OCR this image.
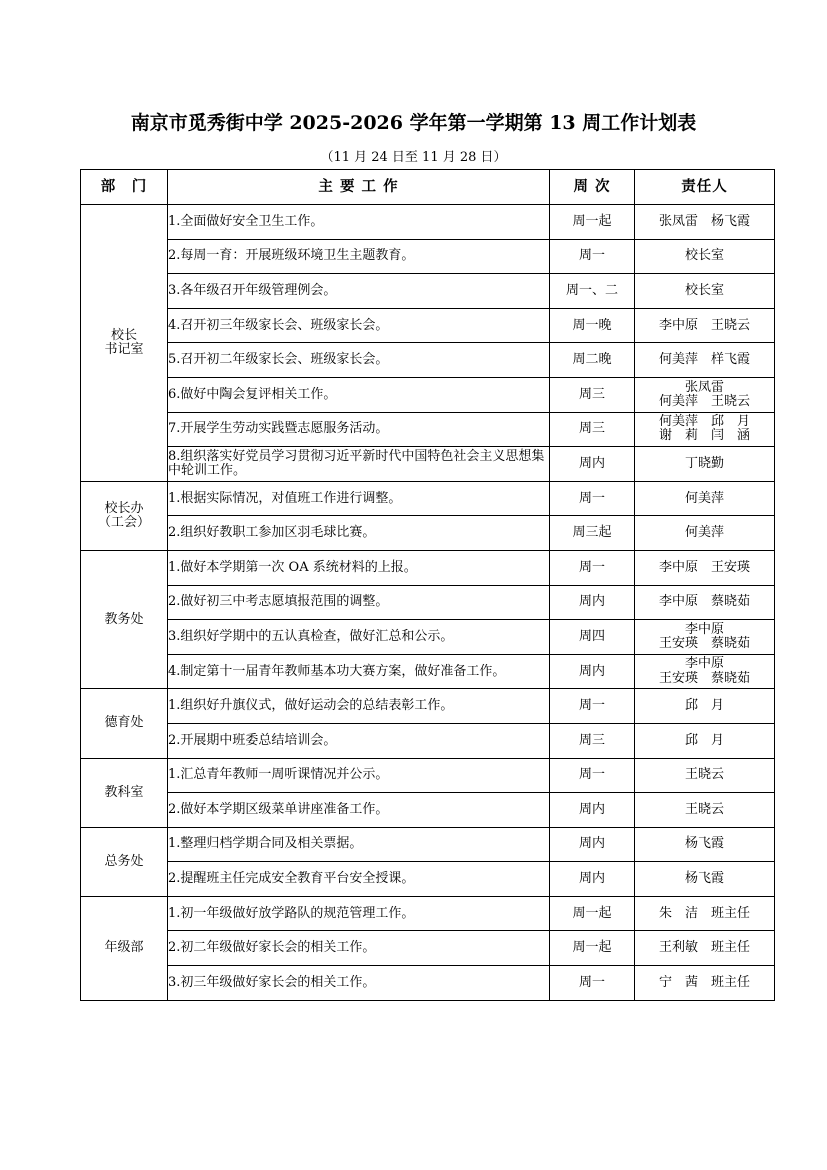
南京市觅秀街中学 2025-2026 学年第一学期第 13 周工作计划表
（11 月 24 日至 11 月 28 日）
部　门	主 要 工 作	周 次	责任人

校长
书记室	1.全面做好安全卫生工作。	周一起	张凤雷　杨飞霞

	2.每周一育：开展班级环境卫生主题教育。	周一	校长室

	3.各年级召开年级管理例会。	周一、二	校长室

	4.召开初三年级家长会、班级家长会。	周一晚	李中原　王晓云

	5.召开初二年级家长会、班级家长会。	周二晚	何美萍　样飞霞

	6.做好中陶会复评相关工作。	周三	张凤雷
何美萍　王晓云

	7.开展学生劳动实践暨志愿服务活动。	周三	何美萍　邱　月
谢　莉　闫　涵

	8.组织落实好党员学习贯彻习近平新时代中国特色社会主义思想集中轮训工作。	周内	丁晓勤

校长办
（工会）	1.根据实际情况，对值班工作进行调整。	周一	何美萍

	2.组织好教职工参加区羽毛球比赛。	周三起	何美萍

教务处	1.做好本学期第一次 OA 系统材料的上报。	周一	李中原　王安瑛

	2.做好初三中考志愿填报范围的调整。	周内	李中原　蔡晓茹

	3.组织好学期中的五认真检查，做好汇总和公示。	周四	李中原
王安瑛　蔡晓茹

	4.制定第十一届青年教师基本功大赛方案，做好准备工作。	周内	李中原
王安瑛　蔡晓茹

德育处	1.组织好升旗仪式，做好运动会的总结表彰工作。	周一	邱　月

	2.开展期中班委总结培训会。	周三	邱　月

教科室	1.汇总青年教师一周听课情况并公示。	周一	王晓云

	2.做好本学期区级菜单讲座准备工作。	周内	王晓云

总务处	1.整理归档学期合同及相关票据。	周内	杨飞霞

	2.提醒班主任完成安全教育平台安全授课。	周内	杨飞霞

年级部	1.初一年级做好放学路队的规范管理工作。	周一起	朱　洁　班主任

	2.初二年级做好家长会的相关工作。	周一起	王利敏　班主任

	3.初三年级做好家长会的相关工作。	周一	宁　茜　班主任
